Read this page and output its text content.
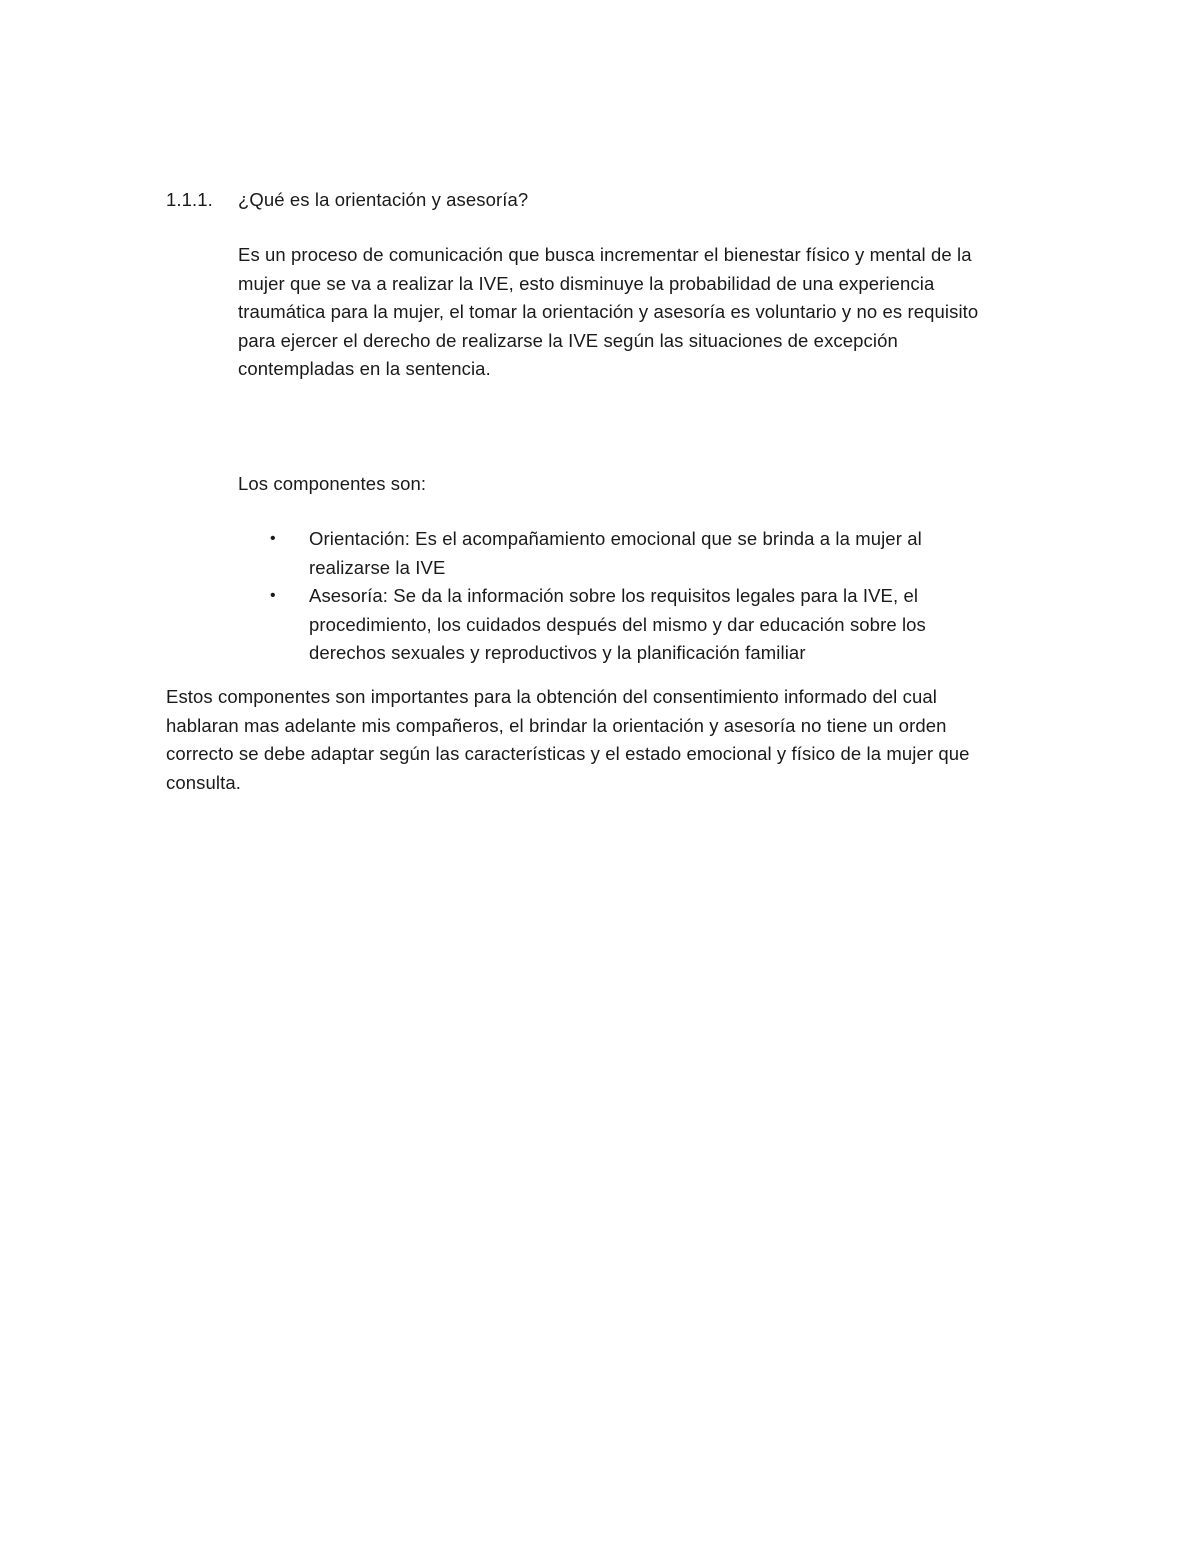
1.1.1. ¿Qué es la orientación y asesoría?
Es un proceso de comunicación que busca incrementar el bienestar físico y mental de la
mujer que se va a realizar la IVE, esto disminuye la probabilidad de una experiencia
traumática para la mujer, el tomar la orientación y asesoría es voluntario y no es requisito
para ejercer el derecho de realizarse la IVE según las situaciones de excepción
contempladas en la sentencia.
Los componentes son:
• Orientación: Es el acompañamiento emocional que se brinda a la mujer al
realizarse la IVE
• Asesoría: Se da la información sobre los requisitos legales para la IVE, el
procedimiento, los cuidados después del mismo y dar educación sobre los
derechos sexuales y reproductivos y la planificación familiar
Estos componentes son importantes para la obtención del consentimiento informado del cual
hablaran mas adelante mis compañeros, el brindar la orientación y asesoría no tiene un orden
correcto se debe adaptar según las características y el estado emocional y físico de la mujer que
consulta.
